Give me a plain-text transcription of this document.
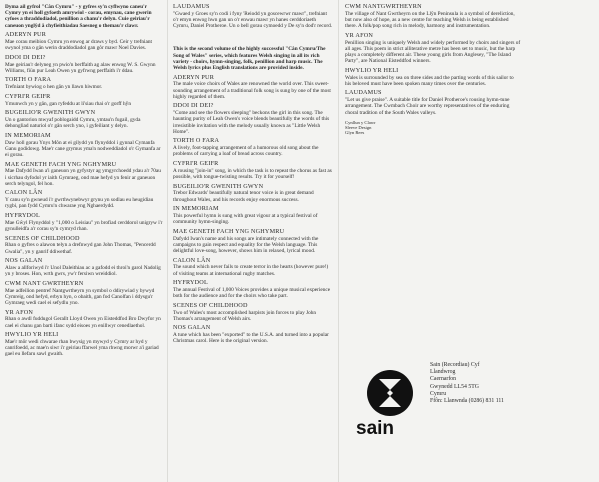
Dyma ail gyfrol "Cân Cymru" - y gyfres sy'n cyflwyno caneu'r Cymry yn ei holl gyfoeth amrywiol - corau, emynau, cane gwerin cyfoes a thraddodiadol, penillion a chanu'r delyn. Cuie geiriau'r caneuon ynglŷd â chyfieithiadau Saesneg o themau'r clawr.

ADERYN PUR

Mae corau meibion Cymru yn enwog ar draws y byd. Ceir y trefniant swynol yma o gân werin draddodiadol gan gôr mawr Noel Davies.

DDOI DI DEI?

Mae geiriau'r delyneg yn pwio'n berffaith ag alaw enwog W. S. Gwynn Williams, fiün pur Leah Owen yn gyfrwng perffaith i'r ddau.

TORTH O FARA

Trefniant bywiog o hen gân yn llawn hiwmor.

CYFRI'R GEIFR

Ymunwch yn y gân, gan ryfeddu at li'siau rhai o'r gorff hŷn

BUGEILIO'R GWENITH GWYN

Un o gantorion mwyaf poblogaidd Cymru, ymtau'n fugail, gyda dehongliad naturiol o'r gân serch yno, i gyfeiliant y delyn.

IN MEMORIAM

Daw holl gorau Ynys Môn at ei gilydd yn flynyddol i gynnal Cymanfa Ganu godidowg. Mae'r cane grymus yma'n nodweddiadol o'r Gymanfa ar ei gorau.

MAE GENETH FACH YNG NGHYMRU

Mae Dafydd Iwan a'i ganeuon yn gyfystyr ag ymgyrchoedd ydau a'r 70au i sicrhau dyfodol yr iaith Gymraeg, ond mae hefyd yn fenir ar ganeuon serch telyngol, fel hon.

CALON LÂN

Y canu sy'n gwneud i'r gwrthwynebwyr grynu yn sodlau eu heugidiau rygbi, pan fydd Cymru'n chwarae yng Nghaerdydd.

HYFRYDOL

Mae Gŵyl Flynyddol y "1,000 o Leisiau" yn brofiad cerddorol unigryw i'r gynulleidfa a'r corau sy'n cymryd rhan.

SCENES OF CHILDHOOD

Rhan o gyfres o alawon telyn a drefnwyd gan John Thomas, "Pencerdd Gwalia", yn y ganrif ddiwethaf.

NOS GALAN

Alaw a allforiwyd i'r Unol Daleithiau ac a gafodd ei throi'n garol Nadolig yn y broses. Hon, wrth gwrs, yw'r fersiwn wreiddiol.

CWM NANT GWRTHEYRN

Mae adfeilion pentref Nantgwrtheyrn yn symbol o ddirywiad y bywyd Cymreig, ond hefyd, erbyn hyn, o obaith, gan fod Canolfan i ddysgu'r Gymraeg wedi cael ei sefydlu yno.

YR AFON

Rhan o awdl fuddugol Gerallt Lloyd Owen yn Eisteddfod Bro Dwyfor yn cael ei chanu gan barti ifanc sydd eisoes yn enillwyr cenedlaethol.

HWYLIO YR HELI

Mae'r môr wedi chwarae rhan bwysig yn mywyd y Cymry ar hyd y canrifoedd, ac mae'n siwr i'r geiriau ffarwel yma rhwng morwr a'i gariad gael eu llefaru sawl gwaith.

LAUDAMUS

"Gwaed y Groes sy'n codi i fyny 'Reiodd yn goscewrwr mawr", trefniant o'r emyn enwog hwn gan un o'r enwau mawr yn hanes cerddoriaeth Cymru, Daniel Protheroe. Un o bell gorau cymoedd y De sy'n dod'r record.

This is the second volume of the highly successful "Cân Cymru/The Song of Wales" series, which features Welsh singing in all its rich variety - choirs, hymn-singing, folk, penillion and harp music. The Welsh lyrics plus English translations are provided inside.

ADERYN PUR

The male voice choirs of Wales are renowned the world over. This sweet-sounding arrangement of a traditional folk song is sung by one of the most highly regarded of them.

DDOI DI DEI?

"Come and see the flowers sleeping" beckons the girl in this song. The haunting purity of Leah Owen's voice blends beautifully the words of this irresistible invitation with the melody usually known as "Little Welsh Home".

TORTH O FARA

A lively, foot-tapping arrangement of a humorous old song about the problems of carrying a loaf of bread across country.

CYFRI'R GEIFR

A rousing "join-in" song, in which the task is to repeat the chorus as fast as possible, with tongue-twisting results. Try it for yourself!

BUGEILIO'R GWENITH GWYN

Trebor Edwards' beautifully natural tenor voice is in great demand throughout Wales, and his records enjoy enormous success.

IN MEMORIAM

This powerful hymn is sung with great vigour at a typical festival of community hymn-singing.

MAE GENETH FACH YNG NGHYMRU

Dafydd Iwan's name and his songs are intimately connected with the campaigns to gain respect and equality for the Welsh language. This delightful love-song, however, shows him in relaxed, lyrical mood.

CALON LÂN

The sound which never fails to create terror in the hearts (however pure!) of visiting teams at international rugby matches.

HYFRYDOL

The annual Festival of 1,000 Voices provides a unique musical experience both for the audience and for the choirs who take part.

SCENES OF CHILDHOOD

Two of Wales's most accomplished harpists join forces to play John Thomas's arrangement of Welsh airs.

NOS GALAN

A tune which has been "exported" to the U.S.A. and turned into a popular Christmas carol. Here is the original version.

CWM NANTGWRTHEYRN

The village of Nant Gwrtheyrn on the Llŷn Peninsula is a symbol of dereliction, but now also of hope, as a new centre for teaching Welsh is being established there. A folk/pop song rich in melody, harmony and instrumentation.

YR AFON

Penillion singing is uniquely Welsh and widely performed by choirs and singers of all ages. This poem in strict alliterative metre has been set to music, but the harp plays a completely different air. These young girls from Anglesey, "The Island Party", are National Eisteddfod winners.

HWYLIO YR HELI

Wales is surrounded by sea on three sides and the parting words of this sailor to his beloved must have been spoken many times over the centuries.

LAUDAMUS

"Let us give praise". A suitable title for Daniel Protheroe's rousing hymn-tune arrangement. The Cwmbach Choir are worthy representatives of the enduring choral tradition of the South Wales valleys.

Cynllun y Clawr
Sleeve Design
Glyn Rees
sain
Sain (Recordiau) Cyf
Llandwrog
Caernarfon
Gwynedd LL54 5TG
Cymru
Ffôn: Llanwnda (0286) 831 111
